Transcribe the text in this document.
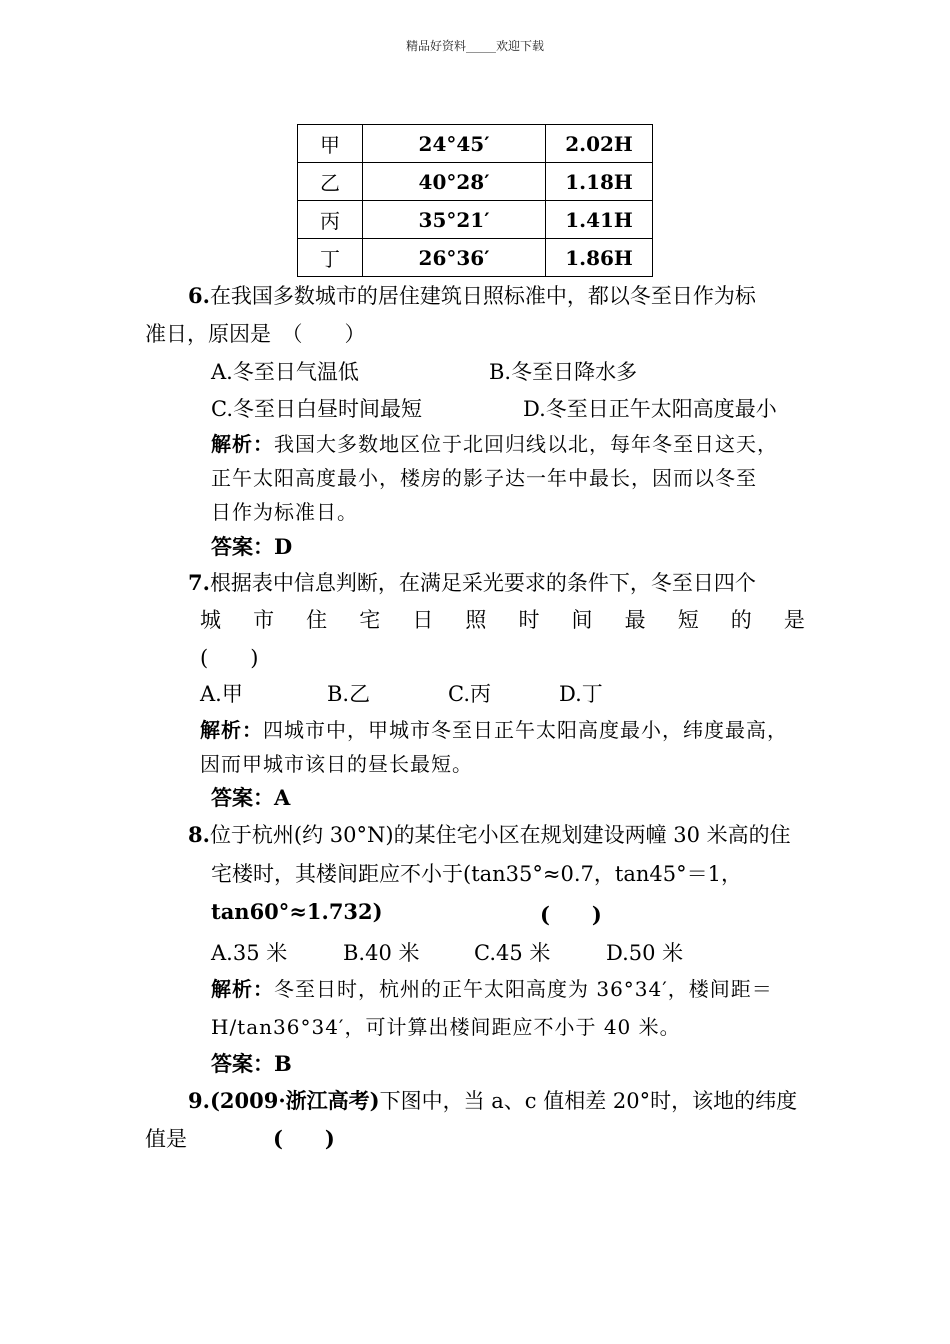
精品好资料_____欢迎下载
甲	24°45′	2.02H
乙	40°28′	1.18H
丙	35°21′	1.41H
丁	26°36′	1.86H
6.在我国多数城市的居住建筑日照标准中，都以冬至日作为标
准日，原因是　（　　）
A.冬至日气温低	B.冬至日降水多
C.冬至日白昼时间最短	D.冬至日正午太阳高度最小
解析：我国大多数地区位于北回归线以北，每年冬至日这天，
正午太阳高度最小，楼房的影子达一年中最长，因而以冬至
日作为标准日。
答案：D
7.根据表中信息判断，在满足采光要求的条件下，冬至日四个
城 市 住 宅 日 照 时 间 最 短 的 是
(　　)
A.甲	B.乙	C.丙	D.丁
解析：四城市中，甲城市冬至日正午太阳高度最小，纬度最高，
因而甲城市该日的昼长最短。
答案：A
8.位于杭州(约 30°N)的某住宅小区在规划建设两幢 30 米高的住
宅楼时，其楼间距应不小于(tan35°≈0.7，tan45°＝1，
tan60°≈1.732)	(　　)
A.35 米	B.40 米	C.45 米	D.50 米
解析：冬至日时，杭州的正午太阳高度为 36°34′，楼间距＝
H/tan36°34′，可计算出楼间距应不小于 40 米。
答案：B
9.(2009·浙江高考)下图中，当 a、c 值相差 20°时，该地的纬度
值是	(　　)
